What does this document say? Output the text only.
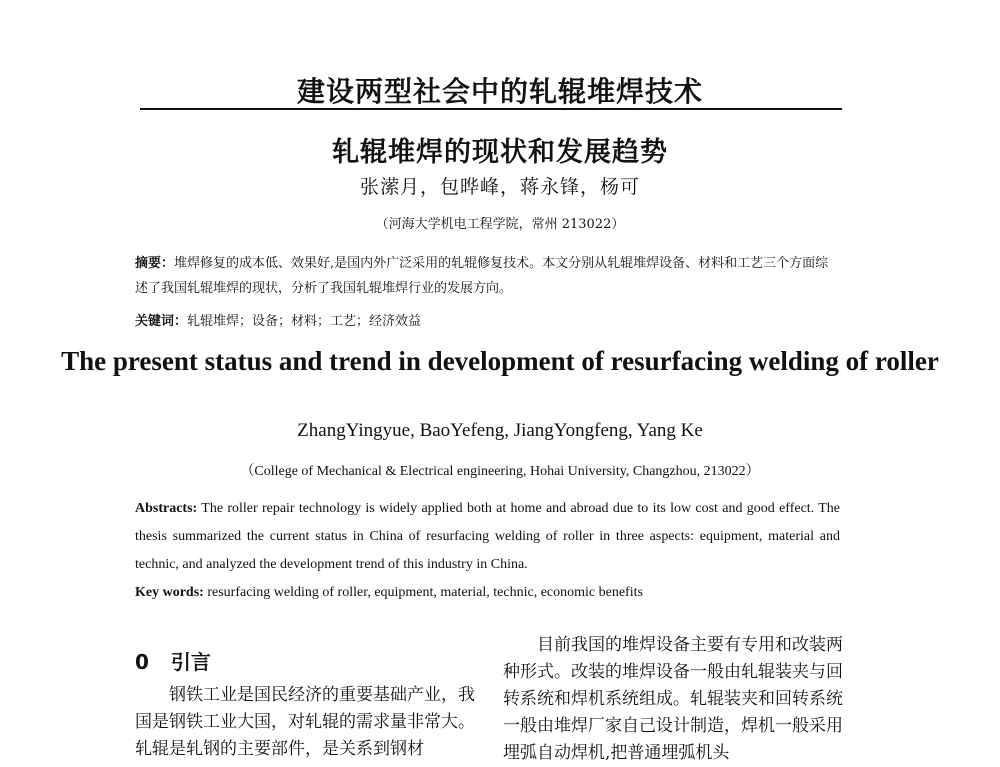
建设两型社会中的轧辊堆焊技术
轧辊堆焊的现状和发展趋势
张潆月，包晔峰，蒋永锋，杨可
（河海大学机电工程学院，常州 213022）
摘要：堆焊修复的成本低、效果好,是国内外广泛采用的轧辊修复技术。本文分别从轧辊堆焊设备、材料和工艺三个方面综述了我国轧辊堆焊的现状，分析了我国轧辊堆焊行业的发展方向。
关键词：轧辊堆焊；设备；材料；工艺；经济效益
The present status and trend in development of resurfacing welding of roller
ZhangYingyue, BaoYefeng, JiangYongfeng, Yang Ke
（College of Mechanical & Electrical engineering, Hohai University, Changzhou, 213022）
Abstracts: The roller repair technology is widely applied both at home and abroad due to its low cost and good effect. The thesis summarized the current status in China of resurfacing welding of roller in three aspects: equipment, material and technic, and analyzed the development trend of this industry in China.
Key words: resurfacing welding of roller, equipment, material, technic, economic benefits
0 引言
钢铁工业是国民经济的重要基础产业，我国是钢铁工业大国，对轧辊的需求量非常大。轧辊是轧钢的主要部件，是关系到钢材
目前我国的堆焊设备主要有专用和改装两种形式。改装的堆焊设备一般由轧辊装夹与回转系统和焊机系统组成。轧辊装夹和回转系统一般由堆焊厂家自己设计制造，焊机一般采用埋弧自动焊机,把普通埋弧机头
